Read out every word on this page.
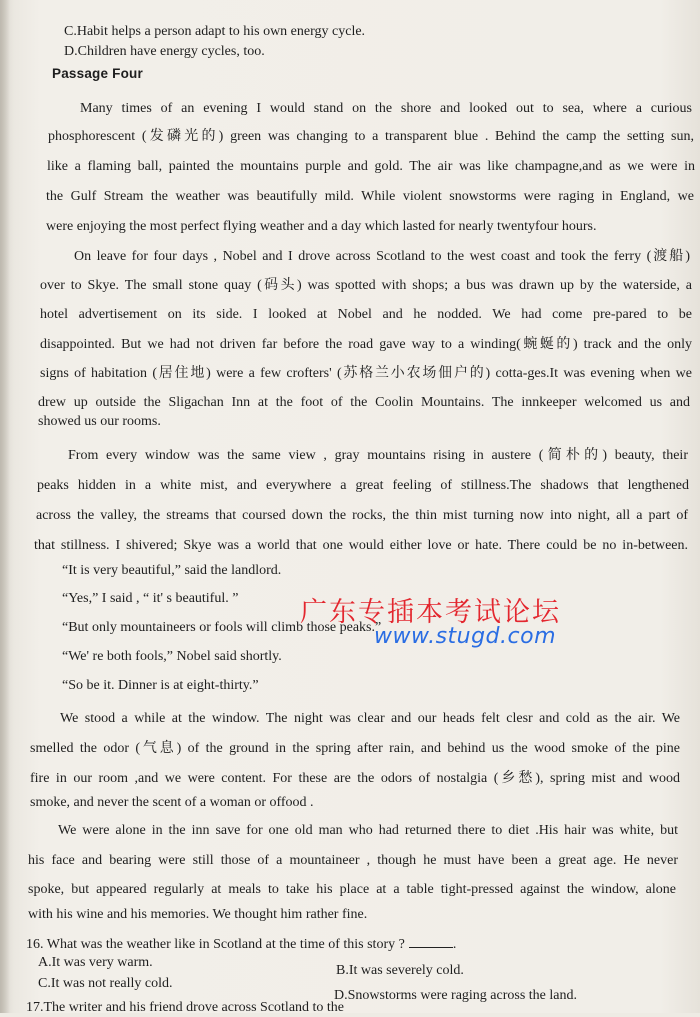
C.Habit helps a person adapt to his own energy cycle.
D.Children have energy cycles, too.
Passage Four
Many times of an evening I would stand on the shore and looked out to sea, where a curious
phosphorescent (发磷光的) green was changing to a transparent blue . Behind the camp the setting sun,
like a flaming ball, painted the mountains purple and gold. The air was like champagne,and as we were in
the Gulf Stream the weather was beautifully mild. While violent snowstorms were raging in England, we
were enjoying the most perfect flying weather and a day which lasted for nearly twentyfour hours.
On leave for four days , Nobel and I drove across Scotland to the west coast and took the ferry (渡船)
over to Skye. The small stone quay (码头) was spotted with shops; a bus was drawn up by the waterside, a
hotel advertisement on its side. I looked at Nobel and he nodded. We had come pre-pared to be
disappointed. But we had not driven far before the road gave way to a winding(蜿蜒的) track and the only
signs of habitation (居住地) were a few crofters' (苏格兰小农场佃户的) cotta-ges.It was evening when we
drew up outside the Sligachan Inn at the foot of the Coolin Mountains. The innkeeper welcomed us and
showed us our rooms.
From every window was the same view , gray mountains rising in austere (简朴的) beauty, their
peaks hidden in a white mist, and everywhere a great feeling of stillness.The shadows that lengthened
across the valley, the streams that coursed down the rocks, the thin mist turning now into night, all a part of
that stillness. I shivered; Skye was a world that one would either love or hate. There could be no in-between.
“It is very beautiful,” said the landlord.
“Yes,” I said , “ it' s beautiful. ”
“But only mountaineers or fools will climb those peaks.”
“We' re both fools,” Nobel said shortly.
“So be it. Dinner is at eight-thirty.”
We stood a while at the window. The night was clear and our heads felt clesr and cold as the air. We
smelled the odor (气息) of the ground in the spring after rain, and behind us the wood smoke of the pine
fire in our room ,and we were content. For these are the odors of nostalgia (乡愁), spring mist and wood
smoke, and never the scent of a woman or offood .
We were alone in the inn save for one old man who had returned there to diet .His hair was white, but
his face and bearing were still those of a mountaineer , though he must have been a great age. He never
spoke, but appeared regularly at meals to take his place at a table tight-pressed against the window, alone
with his wine and his memories. We thought him rather fine.
16. What was the weather like in Scotland at the time of this story ?	.
A.It was very warm.
B.It was severely cold.
C.It was not really cold.
D.Snowstorms were raging across the land.
17.The writer and his friend drove across Scotland to the
广东专插本考试论坛
www.stugd.com
